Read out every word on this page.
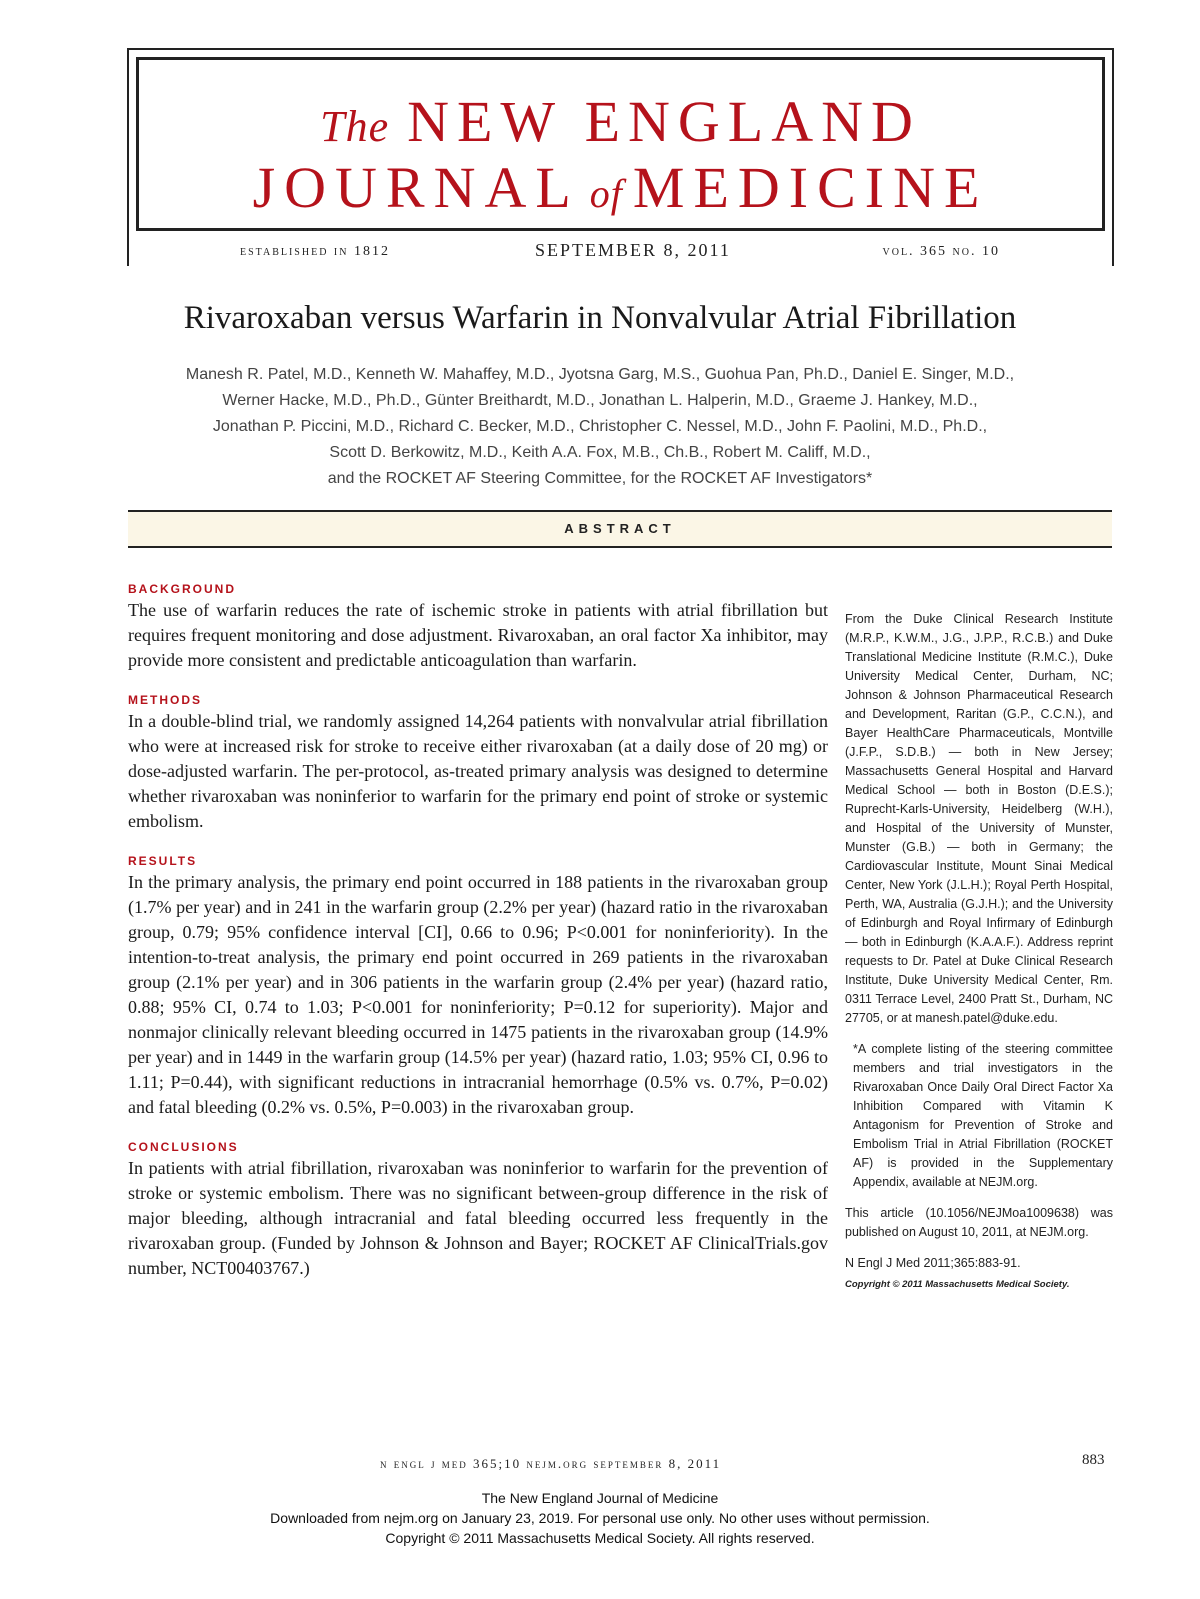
The NEW ENGLAND
JOURNAL of MEDICINE
established in 1812	SEPTEMBER 8, 2011	vol. 365 no. 10
Rivaroxaban versus Warfarin in Nonvalvular Atrial Fibrillation
Manesh R. Patel, M.D., Kenneth W. Mahaffey, M.D., Jyotsna Garg, M.S., Guohua Pan, Ph.D., Daniel E. Singer, M.D.,
Werner Hacke, M.D., Ph.D., Günter Breithardt, M.D., Jonathan L. Halperin, M.D., Graeme J. Hankey, M.D.,
Jonathan P. Piccini, M.D., Richard C. Becker, M.D., Christopher C. Nessel, M.D., John F. Paolini, M.D., Ph.D.,
Scott D. Berkowitz, M.D., Keith A.A. Fox, M.B., Ch.B., Robert M. Califf, M.D.,
and the ROCKET AF Steering Committee, for the ROCKET AF Investigators*
ABSTRACT
BACKGROUND

The use of warfarin reduces the rate of ischemic stroke in patients with atrial fibrillation but requires frequent monitoring and dose adjustment. Rivaroxaban, an oral factor Xa inhibitor, may provide more consistent and predictable anticoagulation than warfarin.

METHODS

In a double-blind trial, we randomly assigned 14,264 patients with nonvalvular atrial fibrillation who were at increased risk for stroke to receive either rivaroxaban (at a daily dose of 20 mg) or dose-adjusted warfarin. The per-protocol, as-treated primary analysis was designed to determine whether rivaroxaban was noninferior to warfarin for the primary end point of stroke or systemic embolism.

RESULTS

In the primary analysis, the primary end point occurred in 188 patients in the rivaroxaban group (1.7% per year) and in 241 in the warfarin group (2.2% per year) (hazard ratio in the rivaroxaban group, 0.79; 95% confidence interval [CI], 0.66 to 0.96; P<0.001 for noninferiority). In the intention-to-treat analysis, the primary end point occurred in 269 patients in the rivaroxaban group (2.1% per year) and in 306 patients in the warfarin group (2.4% per year) (hazard ratio, 0.88; 95% CI, 0.74 to 1.03; P<0.001 for noninferiority; P=0.12 for superiority). Major and nonmajor clinically relevant bleeding occurred in 1475 patients in the rivaroxaban group (14.9% per year) and in 1449 in the warfarin group (14.5% per year) (hazard ratio, 1.03; 95% CI, 0.96 to 1.11; P=0.44), with significant reductions in intracranial hemorrhage (0.5% vs. 0.7%, P=0.02) and fatal bleeding (0.2% vs. 0.5%, P=0.003) in the rivaroxaban group.

CONCLUSIONS

In patients with atrial fibrillation, rivaroxaban was noninferior to warfarin for the prevention of stroke or systemic embolism. There was no significant between-group difference in the risk of major bleeding, although intracranial and fatal bleeding occurred less frequently in the rivaroxaban group. (Funded by Johnson & Johnson and Bayer; ROCKET AF ClinicalTrials.gov number, NCT00403767.)

From the Duke Clinical Research Institute (M.R.P., K.W.M., J.G., J.P.P., R.C.B.) and Duke Translational Medicine Institute (R.M.C.), Duke University Medical Center, Durham, NC; Johnson & Johnson Pharmaceutical Research and Development, Raritan (G.P., C.C.N.), and Bayer HealthCare Pharmaceuticals, Montville (J.F.P., S.D.B.) — both in New Jersey; Massachusetts General Hospital and Harvard Medical School — both in Boston (D.E.S.); Ruprecht-Karls-University, Heidelberg (W.H.), and Hospital of the University of Munster, Munster (G.B.) — both in Germany; the Cardiovascular Institute, Mount Sinai Medical Center, New York (J.L.H.); Royal Perth Hospital, Perth, WA, Australia (G.J.H.); and the University of Edinburgh and Royal Infirmary of Edinburgh — both in Edinburgh (K.A.A.F.). Address reprint requests to Dr. Patel at Duke Clinical Research Institute, Duke University Medical Center, Rm. 0311 Terrace Level, 2400 Pratt St., Durham, NC 27705, or at manesh.patel@duke.edu.

*A complete listing of the steering committee members and trial investigators in the Rivaroxaban Once Daily Oral Direct Factor Xa Inhibition Compared with Vitamin K Antagonism for Prevention of Stroke and Embolism Trial in Atrial Fibrillation (ROCKET AF) is provided in the Supplementary Appendix, available at NEJM.org.

This article (10.1056/NEJMoa1009638) was published on August 10, 2011, at NEJM.org.

N Engl J Med 2011;365:883-91.

Copyright © 2011 Massachusetts Medical Society.

n engl j med 365;10 nejm.org september 8, 2011	883
The New England Journal of Medicine
Downloaded from nejm.org on January 23, 2019. For personal use only. No other uses without permission.
Copyright © 2011 Massachusetts Medical Society. All rights reserved.
